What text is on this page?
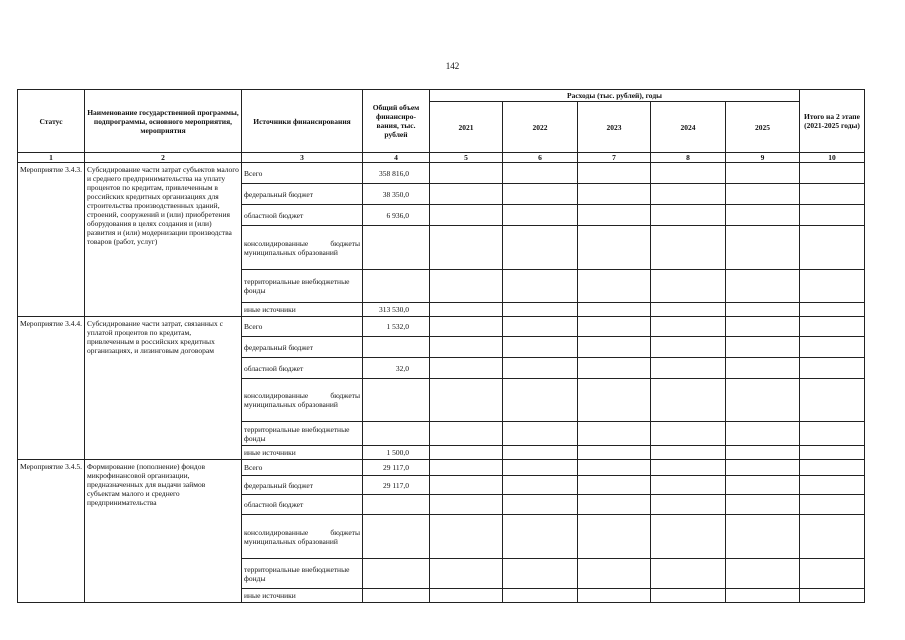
142
Статус	Наименование государственной программы, подпрограммы, основного мероприятия, мероприятия	Источники финансирования	Общий объем финансиро-вания, тыс. рублей	Расходы (тыс. рублей), годы					Итого на 2 этапе (2021-2025 годы)
				2021	2022	2023	2024	2025	
1	2	3	4	5	6	7	8	9	10
Мероприятие 3.4.3.	Субсидирование части затрат субъектов малого и среднего предпринимательства на уплату процентов по кредитам, привлеченным в российских кредитных организациях для строительства производственных зданий, строений, сооружений и (или) приобретения оборудования в целях создания и (или) развития и (или) модернизации производства товаров (работ, услуг)	Всего	358 816,0						
		федеральный бюджет	38 350,0						
		областной бюджет	6 936,0						
		консолидированные бюджеты муниципальных образований							
		территориальные внебюджетные фонды							
		иные источники	313 530,0						
Мероприятие 3.4.4.	Субсидирование части затрат, связанных с уплатой процентов по кредитам, привлеченным в российских кредитных организациях, и лизинговым договорам	Всего	1 532,0						
		федеральный бюджет							
		областной бюджет	32,0						
		консолидированные бюджеты муниципальных образований							
		территориальные внебюджетные фонды							
		иные источники	1 500,0						
Мероприятие 3.4.5.	Формирование (пополнение) фондов микрофинансовой организации, предназначенных для выдачи займов субъектам малого и среднего предпринимательства	Всего	29 117,0						
		федеральный бюджет	29 117,0						
		областной бюджет							
		консолидированные бюджеты муниципальных образований							
		территориальные внебюджетные фонды							
		иные источники							
